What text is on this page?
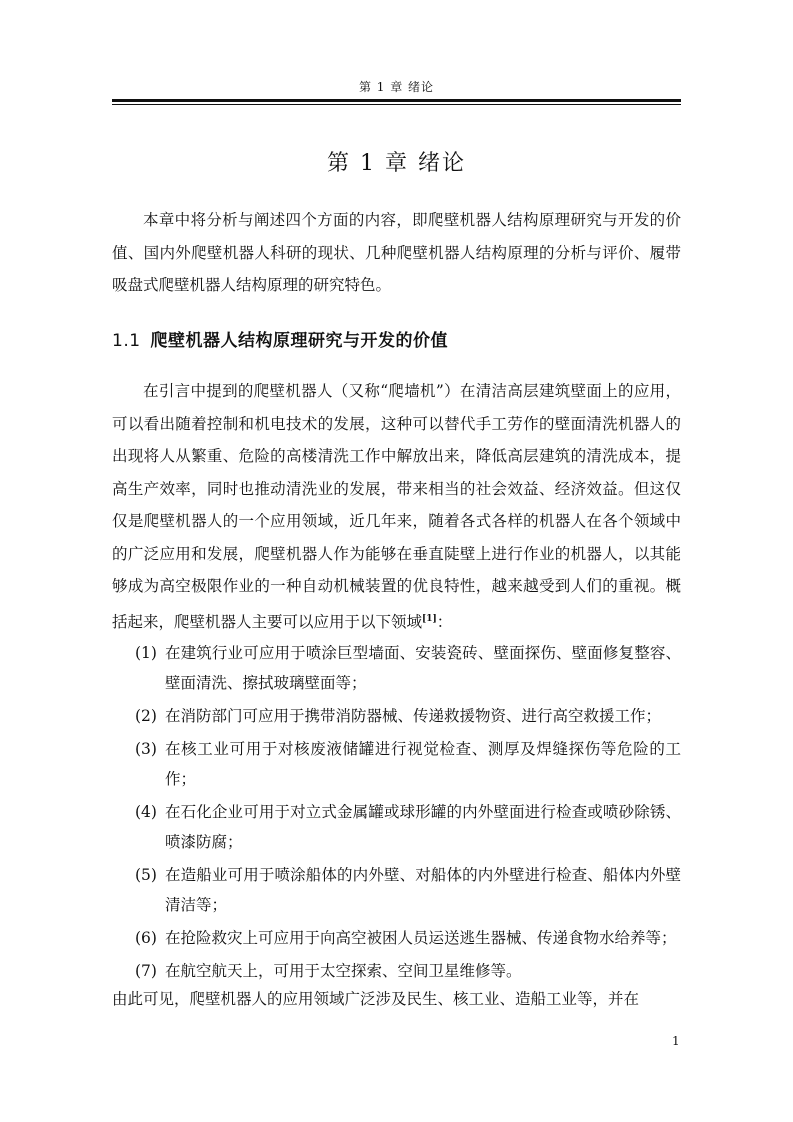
第 1 章 绪论
第 1 章 绪论

本章中将分析与阐述四个方面的内容，即爬壁机器人结构原理研究与开发的价值、国内外爬壁机器人科研的现状、几种爬壁机器人结构原理的分析与评价、履带吸盘式爬壁机器人结构原理的研究特色。

1.1 爬壁机器人结构原理研究与开发的价值

在引言中提到的爬壁机器人（又称“爬墙机”）在清洁高层建筑壁面上的应用，可以看出随着控制和机电技术的发展，这种可以替代手工劳作的壁面清洗机器人的出现将人从繁重、危险的高楼清洗工作中解放出来，降低高层建筑的清洗成本，提高生产效率，同时也推动清洗业的发展，带来相当的社会效益、经济效益。但这仅仅是爬壁机器人的一个应用领域，近几年来，随着各式各样的机器人在各个领域中的广泛应用和发展，爬壁机器人作为能够在垂直陡壁上进行作业的机器人，以其能够成为高空极限作业的一种自动机械装置的优良特性，越来越受到人们的重视。概括起来，爬壁机器人主要可以应用于以下领域[1]：

(1) 在建筑行业可应用于喷涂巨型墙面、安装瓷砖、壁面探伤、壁面修复整容、壁面清洗、擦拭玻璃壁面等；
(2) 在消防部门可应用于携带消防器械、传递救援物资、进行高空救援工作；
(3) 在核工业可用于对核废液储罐进行视觉检查、测厚及焊缝探伤等危险的工作；
(4) 在石化企业可用于对立式金属罐或球形罐的内外壁面进行检查或喷砂除锈、喷漆防腐；
(5) 在造船业可用于喷涂船体的内外壁、对船体的内外壁进行检查、船体内外壁清洁等；
(6) 在抢险救灾上可应用于向高空被困人员运送逃生器械、传递食物水给养等；
(7) 在航空航天上，可用于太空探索、空间卫星维修等。

由此可见，爬壁机器人的应用领域广泛涉及民生、核工业、造船工业等，并在

1
